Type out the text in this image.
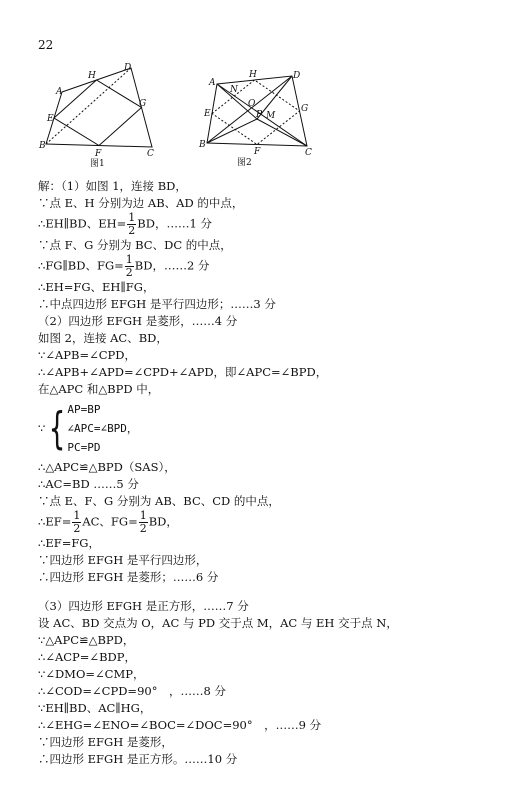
22
A
B
C
D
E
F
G
H
图1
A
B
C
D
E
F
G
H
N
O
P M
图2
解：（1）如图 1，连接 BD，
∵点 E、H 分别为边 AB、AD 的中点，
∴EH∥BD、$EH= \frac{1}{2}$ BD，……1 分
∵点 F、G 分别为 BC、DC 的中点，
∴FG∥BD、$FG= \frac{1}{2}$ BD，……2 分
∴EH=FG、EH∥FG，
∴中点四边形 EFGH 是平行四边形；……3 分
（2）四边形 EFGH 是菱形，……4 分
如图 2，连接 AC、BD，
∵∠APB=∠CPD，
∴∠APB+∠APD=∠CPD+∠APD，即∠APC=∠BPD，
在△APC 和△BPD 中，
∵ { AP=BP
∠APC=∠BPD，
PC=PD
∴△APC≌△BPD（SAS），
∴AC=BD ……5 分
∵点 E、F、G 分别为 AB、BC、CD 的中点，
∴EF= $\frac{1}{2}$ AC、$FG= \frac{1}{2}$ BD，
∴EF=FG，
∵四边形 EFGH 是平行四边形，
∴四边形 EFGH 是菱形；……6 分
（3）四边形 EFGH 是正方形，……7 分
设 AC、BD 交点为 O，AC 与 PD 交于点 M，AC 与 EH 交于点 N，
∵△APC≌△BPD，
∴∠ACP=∠BDP，
∵∠DMO=∠CMP，
∴∠COD=∠CPD=90°　，……8 分
∵EH∥BD、AC∥HG，
∴∠EHG=∠ENO=∠BOC=∠DOC=90°　，……9 分
∵四边形 EFGH 是菱形，
∴四边形 EFGH 是正方形。……10 分
